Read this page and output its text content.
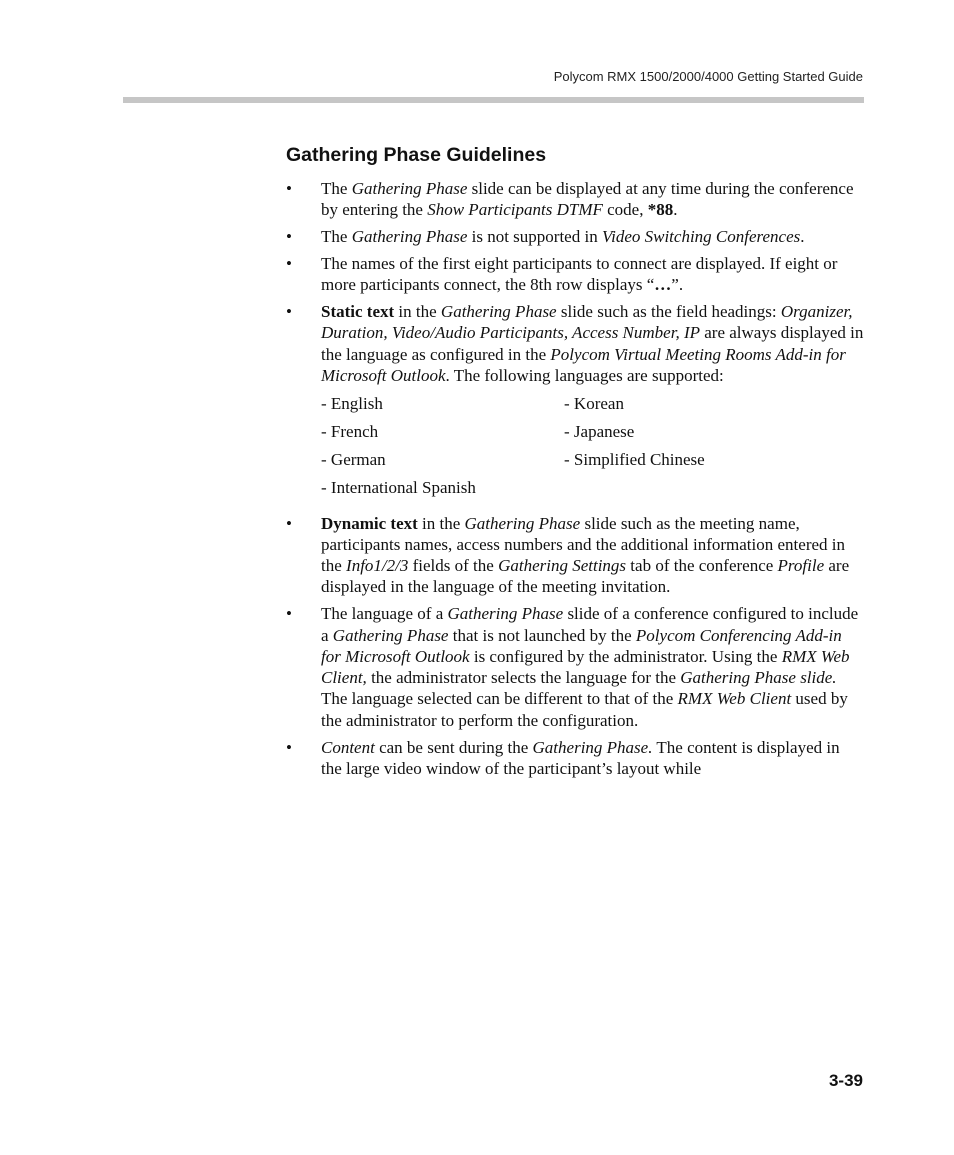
Polycom RMX 1500/2000/4000 Getting Started Guide
Gathering Phase Guidelines
• The Gathering Phase slide can be displayed at any time during the conference by entering the Show Participants DTMF code, *88.
• The Gathering Phase is not supported in Video Switching Conferences.
• The names of the first eight participants to connect are displayed. If eight or more participants connect, the 8th row displays “…”.
• Static text in the Gathering Phase slide such as the field headings: Organizer, Duration, Video/Audio Participants, Access Number, IP are always displayed in the language as configured in the Polycom Virtual Meeting Rooms Add-in for Microsoft Outlook. The following languages are supported:
- English	- Korean
- French	- Japanese
- German	- Simplified Chinese
- International Spanish
• Dynamic text in the Gathering Phase slide such as the meeting name, participants names, access numbers and the additional information entered in the Info1/2/3 fields of the Gathering Settings tab of the conference Profile are displayed in the language of the meeting invitation.
• The language of a Gathering Phase slide of a conference configured to include a Gathering Phase that is not launched by the Polycom Conferencing Add-in for Microsoft Outlook is configured by the administrator. Using the RMX Web Client, the administrator selects the language for the Gathering Phase slide. The language selected can be different to that of the RMX Web Client used by the administrator to perform the configuration.
• Content can be sent during the Gathering Phase. The content is displayed in the large video window of the participant’s layout while
3-39
